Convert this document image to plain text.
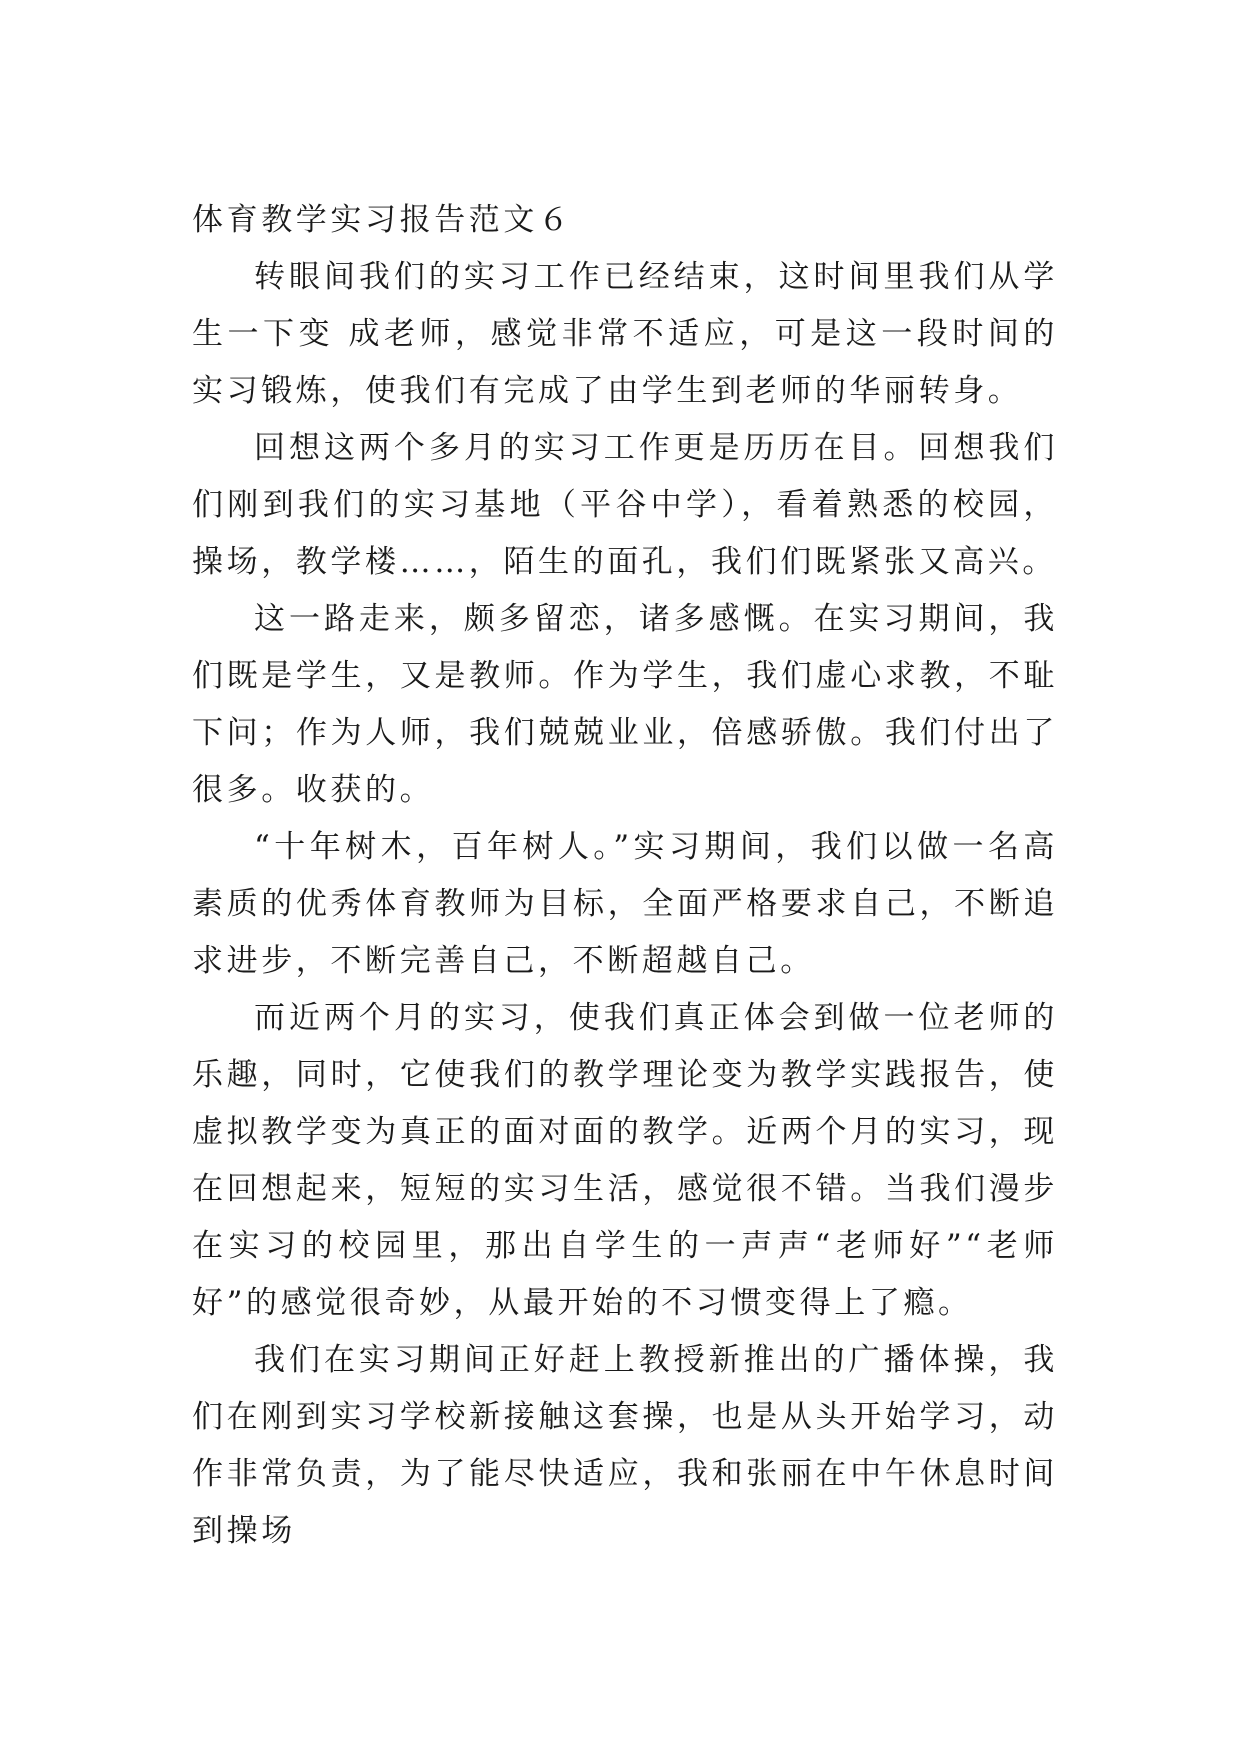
体育教学实习报告范文６

转眼间我们的实习工作已经结束，这时间里我们从学生一下变 成老师，感觉非常不适应，可是这一段时间的实习锻炼，使我们有完成了由学生到老师的华丽转身。

回想这两个多月的实习工作更是历历在目。回想我们们刚到我们的实习基地（平谷中学），看着熟悉的校园，操场，教学楼……，陌生的面孔，我们们既紧张又高兴。

这一路走来，颇多留恋，诸多感慨。在实习期间，我们既是学生，又是教师。作为学生，我们虚心求教，不耻下问；作为人师，我们兢兢业业，倍感骄傲。我们付出了很多。收获的。

“十年树木，百年树人。”实习期间，我们以做一名高素质的优秀体育教师为目标，全面严格要求自己，不断追求进步，不断完善自己，不断超越自己。

而近两个月的实习，使我们真正体会到做一位老师的乐趣，同时，它使我们的教学理论变为教学实践报告，使虚拟教学变为真正的面对面的教学。近两个月的实习，现在回想起来，短短的实习生活，感觉很不错。当我们漫步在实习的校园里，那出自学生的一声声“老师好”“老师好”的感觉很奇妙，从最开始的不习惯变得上了瘾。

我们在实习期间正好赶上教授新推出的广播体操，我们在刚到实习学校新接触这套操，也是从头开始学习，动作非常负责，为了能尽快适应，我和张丽在中午休息时间到操场
